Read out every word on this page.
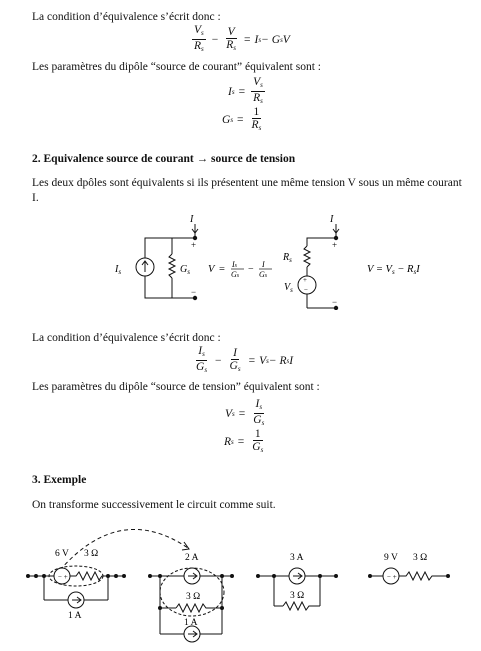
La condition d’équivalence s’écrit donc :
$\frac{V_s}{R_s} - \frac{V}{R_s} = I$ s − G s V
Les paramètres du dipôle “source de courant” équivalent sont :
I $s = \frac{V_s}{R_s}$
G $s = \frac{1}{R_s}$
2. Equivalence source de courant → source de tension
Les deux dpôles sont équivalents si ils présentent une même tension V sous un même courant I.
I
+
−
$I_s$	$G_s$ V = Is
Gs
− I
Gs	+
−
I
+
−
$R_s$
$V_s$
V = Vs − RsI
La condition d’équivalence s’écrit donc :
$\frac{I_s}{G_s} - \frac{I}{G_s} = V$ s − R s I
Les paramètres du dipôle “source de tension” équivalent sont :
V $s = \frac{I_s}{G_s}$
R $s = \frac{1}{G_s}$
3. Exemple
On transforme successivement le circuit comme suit.
− +
6 V 3 Ω
1 A
2 A
3 Ω
1 A
3 A
3 Ω
− +
9 V 3 Ω
